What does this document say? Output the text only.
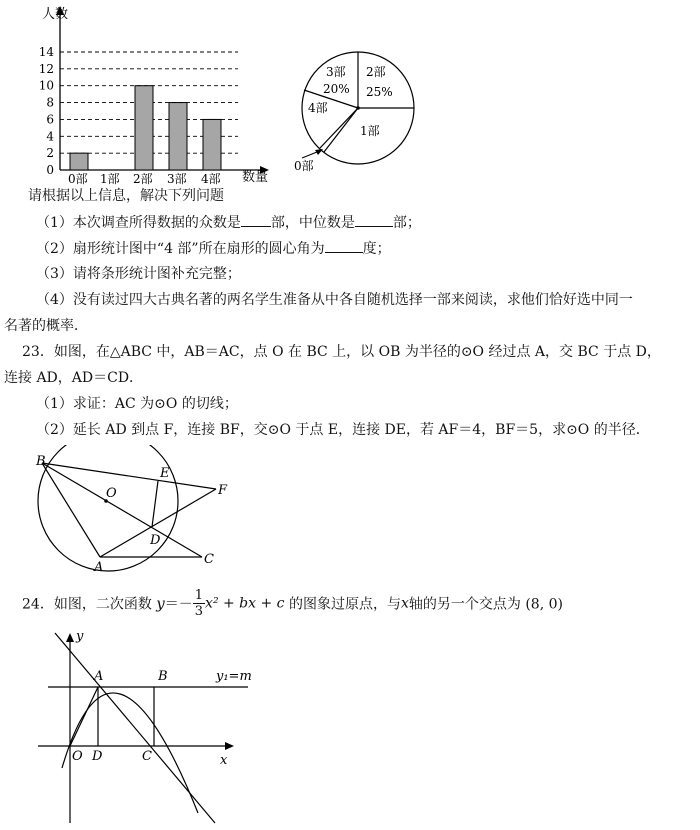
人数
数量
0
2
4
6
8
10
12
14
0部 1部 2部 3部 4部
2部
25%
3部
20%
4部
1部
0部
请根据以上信息，解决下列问题
（1）本次调查所得数据的众数是 部，中位数是	部；
（2）扇形统计图中“4 部”所在扇形的圆心角为	度；
（3）请将条形统计图补充完整；
（4）没有读过四大古典名著的两名学生准备从中各自随机选择一部来阅读，求他们恰好选中同一
名著的概率．
23．如图，在△ABC 中，AB＝AC，点 O 在 BC 上，以 OB 为半径的⊙O 经过点 A，交 BC 于点 D，
连接 AD，AD＝CD．
（1）求证：AC 为⊙O 的切线；
（2）延长 AD 到点 F，连接 BF，交⊙O 于点 E，连接 DE，若 AF＝4，BF＝5，求⊙O 的半径．
B
E
F
O
D
A
C
24．如图，二次函数 $y=- \frac{1}{3} x^2$ + bx + c 的图象过原点，与x轴的另一个交点为 (8, 0)
y
x
A	B
O D	C
y₁=m
